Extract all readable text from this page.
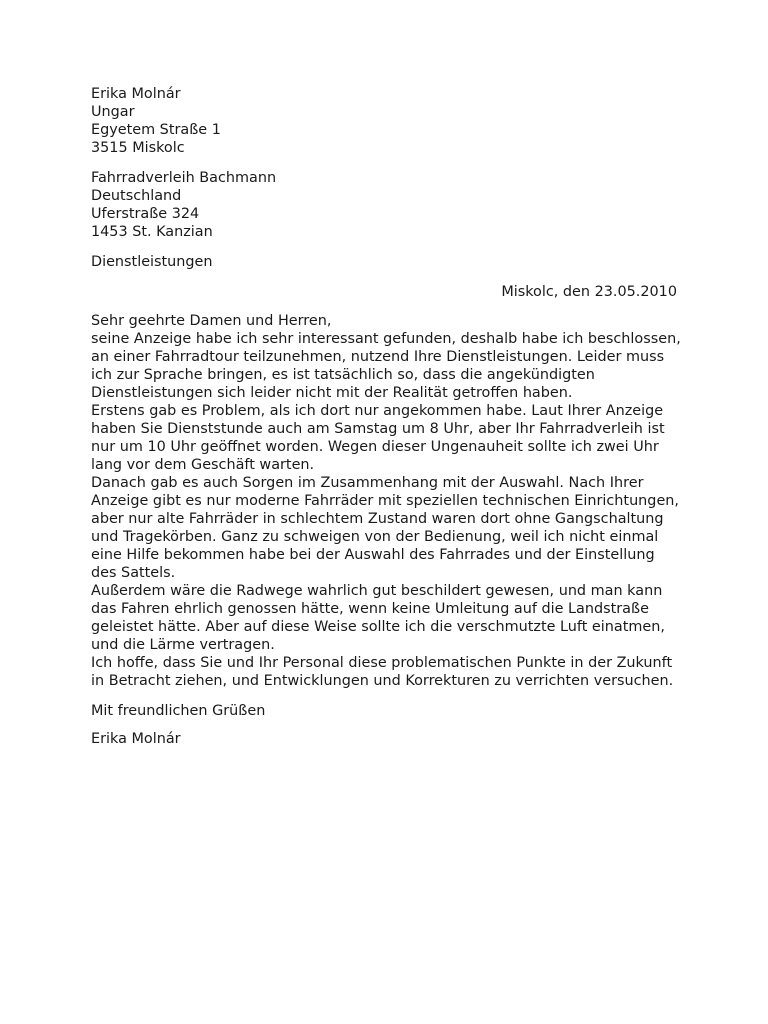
Erika Molnár
Ungar
Egyetem Straße 1
3515 Miskolc
Fahrradverleih Bachmann
Deutschland
Uferstraße 324
1453 St. Kanzian
Dienstleistungen
Miskolc, den 23.05.2010
Sehr geehrte Damen und Herren,
seine Anzeige habe ich sehr interessant gefunden, deshalb habe ich beschlossen,
an einer Fahrradtour teilzunehmen, nutzend Ihre Dienstleistungen. Leider muss
ich zur Sprache bringen, es ist tatsächlich so, dass die angekündigten
Dienstleistungen sich leider nicht mit der Realität getroffen haben.
Erstens gab es Problem, als ich dort nur angekommen habe. Laut Ihrer Anzeige
haben Sie Dienststunde auch am Samstag um 8 Uhr, aber Ihr Fahrradverleih ist
nur um 10 Uhr geöffnet worden. Wegen dieser Ungenauheit sollte ich zwei Uhr
lang vor dem Geschäft warten.
Danach gab es auch Sorgen im Zusammenhang mit der Auswahl. Nach Ihrer
Anzeige gibt es nur moderne Fahrräder mit speziellen technischen Einrichtungen,
aber nur alte Fahrräder in schlechtem Zustand waren dort ohne Gangschaltung
und Tragekörben. Ganz zu schweigen von der Bedienung, weil ich nicht einmal
eine Hilfe bekommen habe bei der Auswahl des Fahrrades und der Einstellung
des Sattels.
Außerdem wäre die Radwege wahrlich gut beschildert gewesen, und man kann
das Fahren ehrlich genossen hätte, wenn keine Umleitung auf die Landstraße
geleistet hätte. Aber auf diese Weise sollte ich die verschmutzte Luft einatmen,
und die Lärme vertragen.
Ich hoffe, dass Sie und Ihr Personal diese problematischen Punkte in der Zukunft
in Betracht ziehen, und Entwicklungen und Korrekturen zu verrichten versuchen.
Mit freundlichen Grüßen
Erika Molnár
